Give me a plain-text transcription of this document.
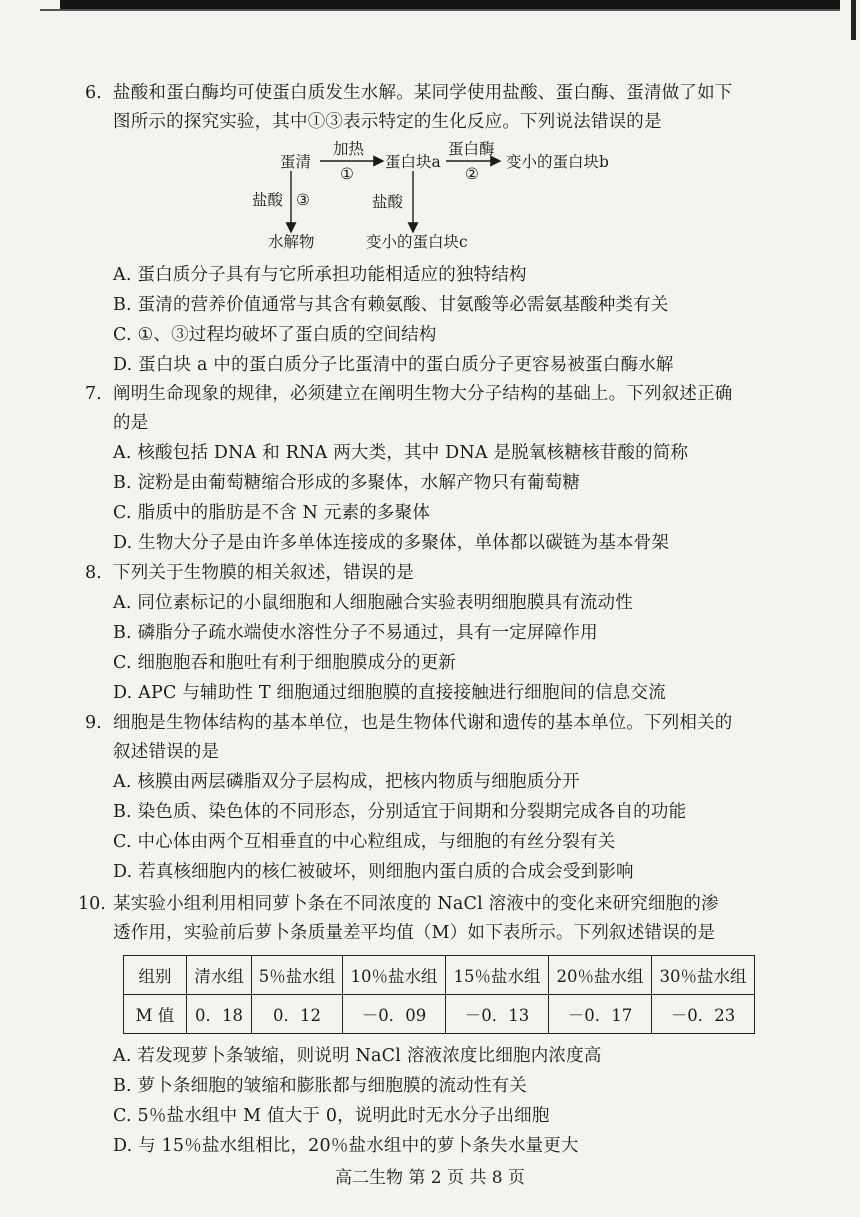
6. 盐酸和蛋白酶均可使蛋白质发生水解。某同学使用盐酸、蛋白酶、蛋清做了如下
图所示的探究实验，其中①③表示特定的生化反应。下列说法错误的是
蛋清
加热
①
蛋白块a
蛋白酶
②
变小的蛋白块b
盐酸 ③	盐酸
水解物	变小的蛋白块c
A. 蛋白质分子具有与它所承担功能相适应的独特结构
B. 蛋清的营养价值通常与其含有赖氨酸、甘氨酸等必需氨基酸种类有关
C. ①、③过程均破坏了蛋白质的空间结构
D. 蛋白块 a 中的蛋白质分子比蛋清中的蛋白质分子更容易被蛋白酶水解
7. 阐明生命现象的规律，必须建立在阐明生物大分子结构的基础上。下列叙述正确
的是
A. 核酸包括 DNA 和 RNA 两大类，其中 DNA 是脱氧核糖核苷酸的简称
B. 淀粉是由葡萄糖缩合形成的多聚体，水解产物只有葡萄糖
C. 脂质中的脂肪是不含 N 元素的多聚体
D. 生物大分子是由许多单体连接成的多聚体，单体都以碳链为基本骨架
8. 下列关于生物膜的相关叙述，错误的是
A. 同位素标记的小鼠细胞和人细胞融合实验表明细胞膜具有流动性
B. 磷脂分子疏水端使水溶性分子不易通过，具有一定屏障作用
C. 细胞胞吞和胞吐有利于细胞膜成分的更新
D. APC 与辅助性 T 细胞通过细胞膜的直接接触进行细胞间的信息交流
9. 细胞是生物体结构的基本单位，也是生物体代谢和遗传的基本单位。下列相关的
叙述错误的是
A. 核膜由两层磷脂双分子层构成，把核内物质与细胞质分开
B. 染色质、染色体的不同形态，分别适宜于间期和分裂期完成各自的功能
C. 中心体由两个互相垂直的中心粒组成，与细胞的有丝分裂有关
D. 若真核细胞内的核仁被破坏，则细胞内蛋白质的合成会受到影响
10. 某实验小组利用相同萝卜条在不同浓度的 NaCl 溶液中的变化来研究细胞的渗
透作用，实验前后萝卜条质量差平均值（M）如下表所示。下列叙述错误的是
组别	清水组	5％盐水组	10％盐水组	15％盐水组	20％盐水组	30％盐水组
M 值	0．18	0．12	－0．09	－0．13	－0．17	－0．23
A. 若发现萝卜条皱缩，则说明 NaCl 溶液浓度比细胞内浓度高
B. 萝卜条细胞的皱缩和膨胀都与细胞膜的流动性有关
C. 5％盐水组中 M 值大于 0，说明此时无水分子出细胞
D. 与 15％盐水组相比，20％盐水组中的萝卜条失水量更大
高二生物 第 2 页 共 8 页
